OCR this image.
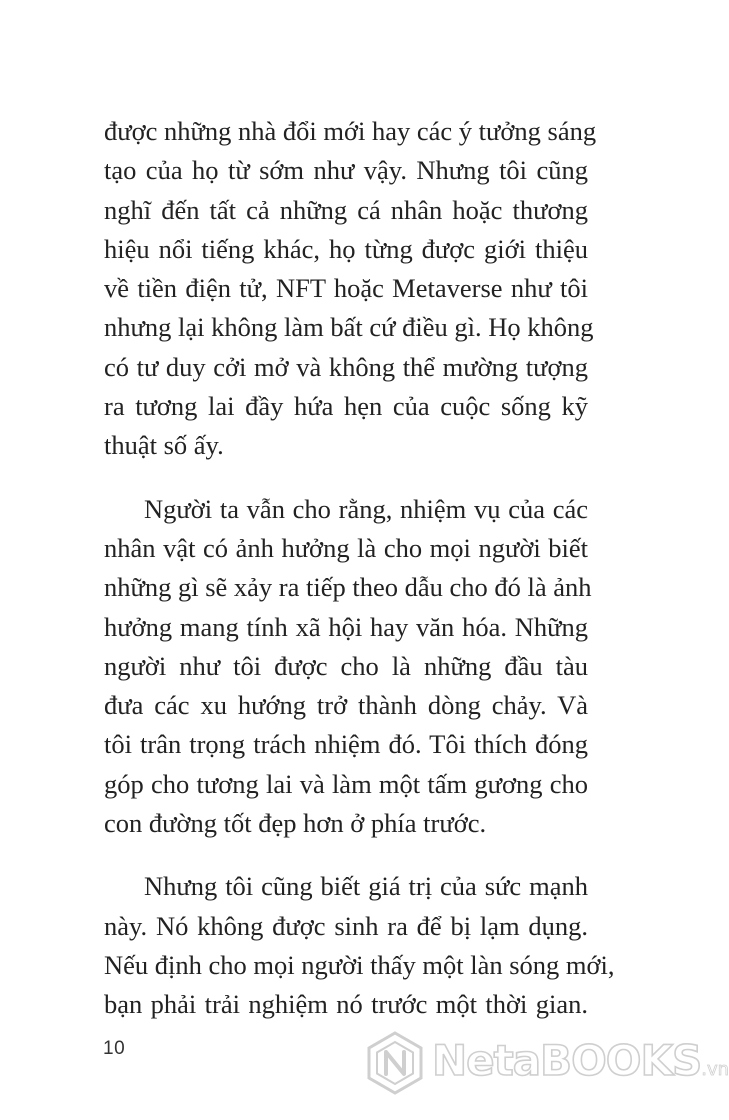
được những nhà đổi mới hay các ý tưởng sáng
tạo của họ từ sớm như vậy. Nhưng tôi cũng
nghĩ đến tất cả những cá nhân hoặc thương
hiệu nổi tiếng khác, họ từng được giới thiệu
về tiền điện tử, NFT hoặc Metaverse như tôi
nhưng lại không làm bất cứ điều gì. Họ không
có tư duy cởi mở và không thể mường tượng
ra tương lai đầy hứa hẹn của cuộc sống kỹ
thuật số ấy.

Người ta vẫn cho rằng, nhiệm vụ của các
nhân vật có ảnh hưởng là cho mọi người biết
những gì sẽ xảy ra tiếp theo dẫu cho đó là ảnh
hưởng mang tính xã hội hay văn hóa. Những
người như tôi được cho là những đầu tàu
đưa các xu hướng trở thành dòng chảy. Và
tôi trân trọng trách nhiệm đó. Tôi thích đóng
góp cho tương lai và làm một tấm gương cho
con đường tốt đẹp hơn ở phía trước.

Nhưng tôi cũng biết giá trị của sức mạnh
này. Nó không được sinh ra để bị lạm dụng.
Nếu định cho mọi người thấy một làn sóng mới,
bạn phải trải nghiệm nó trước một thời gian.

10	NetaBOOKS.vn
